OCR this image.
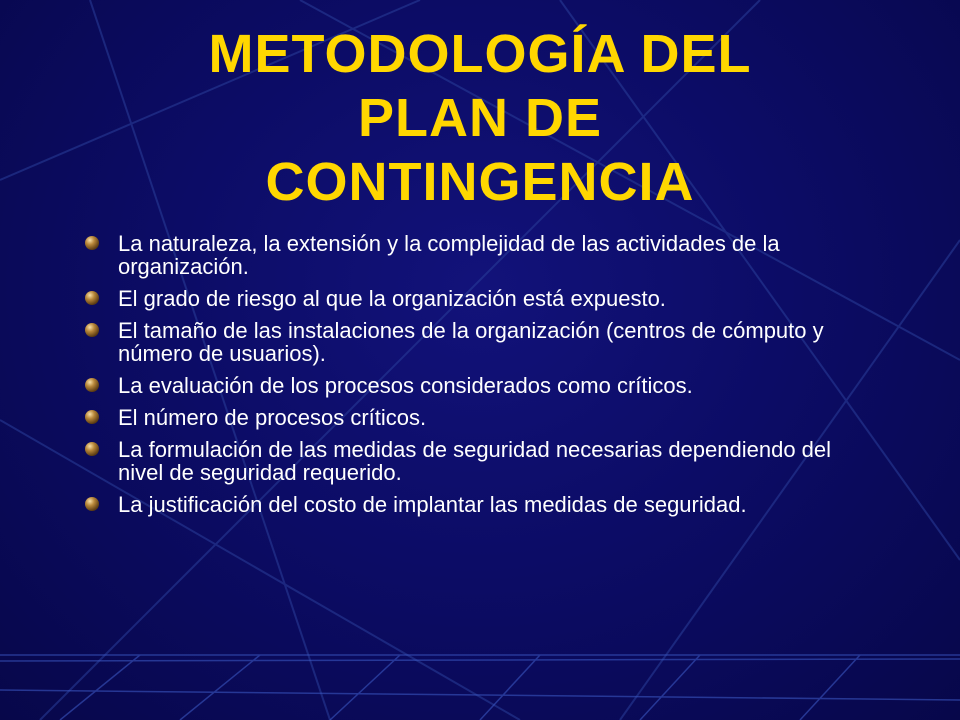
METODOLOGÍA DEL
PLAN DE
CONTINGENCIA
La naturaleza, la extensión y la complejidad de las actividades de la organización.
El grado de riesgo al que la organización está expuesto.
El tamaño de las instalaciones de la organización (centros de cómputo y número de usuarios).
La evaluación de los procesos considerados como críticos.
El número de procesos críticos.
La formulación de las medidas de seguridad necesarias dependiendo del nivel de seguridad requerido.
La justificación del costo de implantar las medidas de seguridad.
